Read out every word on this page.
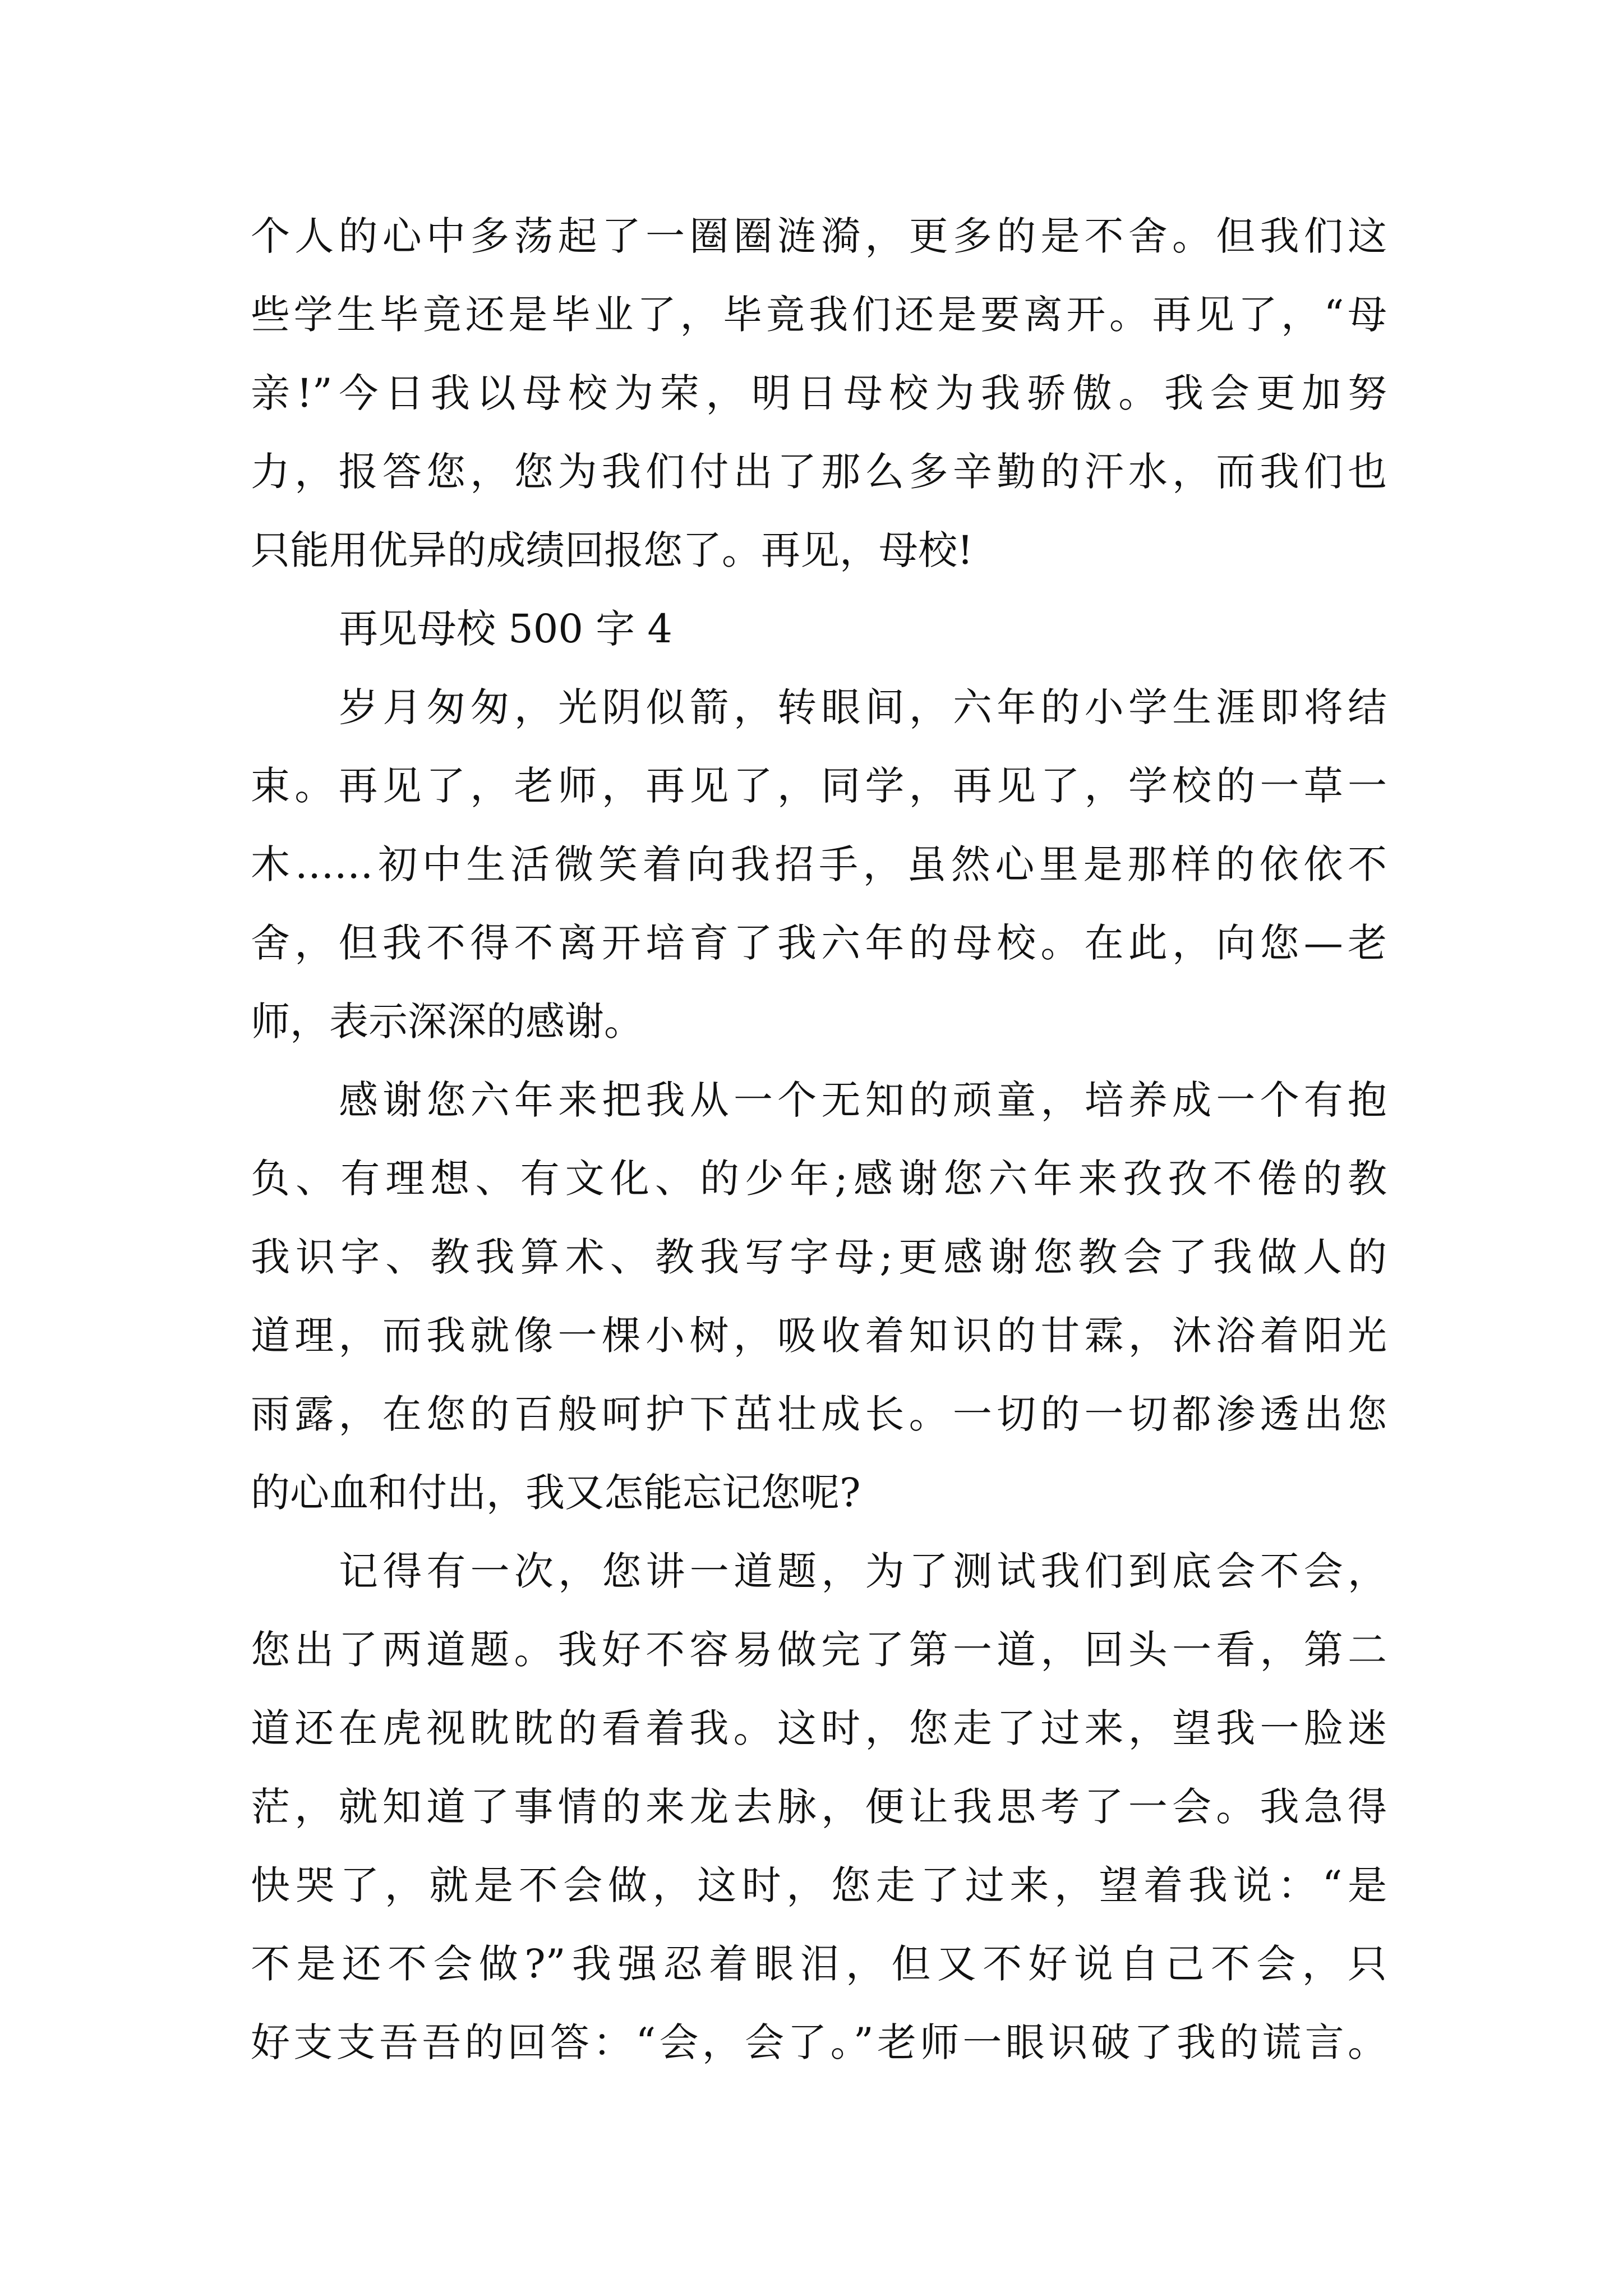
个人的心中多荡起了一圈圈涟漪，更多的是不舍。但我们这
些学生毕竟还是毕业了，毕竟我们还是要离开。再见了，“母
亲!”今日我以母校为荣，明日母校为我骄傲。我会更加努
力，报答您，您为我们付出了那么多辛勤的汗水，而我们也
只能用优异的成绩回报您了。再见，母校!
再见母校 500 字 4
岁月匆匆，光阴似箭，转眼间，六年的小学生涯即将结
束。再见了，老师，再见了，同学，再见了，学校的一草一
木……初中生活微笑着向我招手，虽然心里是那样的依依不
舍，但我不得不离开培育了我六年的母校。在此，向您—老
师，表示深深的感谢。
感谢您六年来把我从一个无知的顽童，培养成一个有抱
负、有理想、有文化、的少年;感谢您六年来孜孜不倦的教
我识字、教我算术、教我写字母;更感谢您教会了我做人的
道理，而我就像一棵小树，吸收着知识的甘霖，沐浴着阳光
雨露，在您的百般呵护下茁壮成长。一切的一切都渗透出您
的心血和付出，我又怎能忘记您呢?
记得有一次，您讲一道题，为了测试我们到底会不会，
您出了两道题。我好不容易做完了第一道，回头一看，第二
道还在虎视眈眈的看着我。这时，您走了过来，望我一脸迷
茫，就知道了事情的来龙去脉，便让我思考了一会。我急得
快哭了，就是不会做，这时，您走了过来，望着我说：“是
不是还不会做?”我强忍着眼泪，但又不好说自己不会，只
好支支吾吾的回答：“会，会了。”老师一眼识破了我的谎言。
